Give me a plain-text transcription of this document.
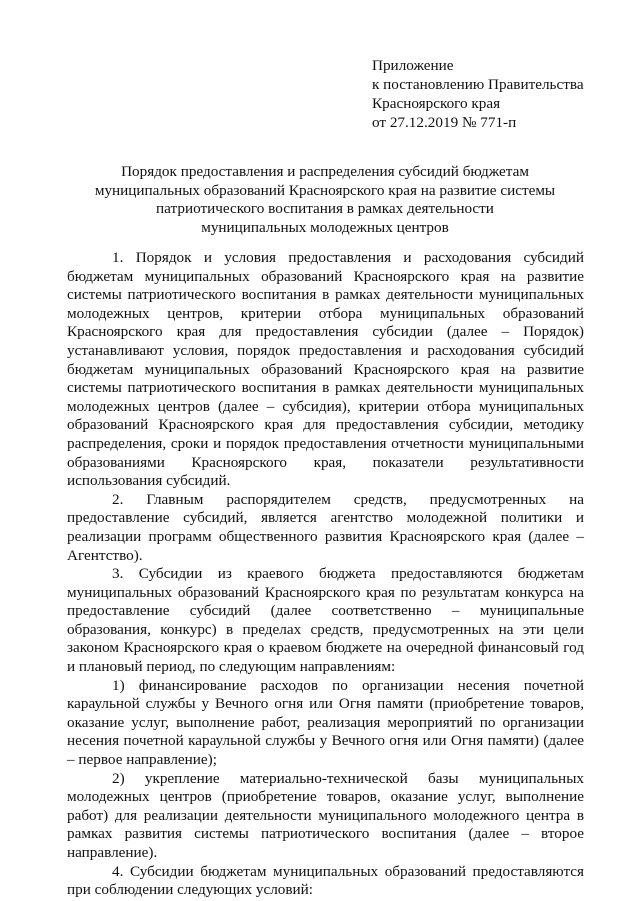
Приложение
к постановлению Правительства
Красноярского края
от 27.12.2019 № 771-п
Порядок предоставления и распределения субсидий бюджетам
муниципальных образований Красноярского края на развитие системы
патриотического воспитания в рамках деятельности
муниципальных молодежных центров

1. Порядок и условия предоставления и расходования субсидий бюджетам муниципальных образований Красноярского края на развитие системы патриотического воспитания в рамках деятельности муниципальных молодежных центров, критерии отбора муниципальных образований Красноярского края для предоставления субсидии (далее – Порядок) устанавливают условия, порядок предоставления и расходования субсидий бюджетам муниципальных образований Красноярского края на развитие системы патриотического воспитания в рамках деятельности муниципальных молодежных центров (далее – субсидия), критерии отбора муниципальных образований Красноярского края для предоставления субсидии, методику распределения, сроки и порядок предоставления отчетности муниципальными образованиями Красноярского края, показатели результативности использования субсидий.

2. Главным распорядителем средств, предусмотренных на предоставление субсидий, является агентство молодежной политики и реализации программ общественного развития Красноярского края (далее – Агентство).

3. Субсидии из краевого бюджета предоставляются бюджетам муниципальных образований Красноярского края по результатам конкурса на предоставление субсидий (далее соответственно – муниципальные образования, конкурс) в пределах средств, предусмотренных на эти цели законом Красноярского края о краевом бюджете на очередной финансовый год и плановый период, по следующим направлениям:

1) финансирование расходов по организации несения почетной караульной службы у Вечного огня или Огня памяти (приобретение товаров, оказание услуг, выполнение работ, реализация мероприятий по организации несения почетной караульной службы у Вечного огня или Огня памяти) (далее – первое направление);

2) укрепление материально-технической базы муниципальных молодежных центров (приобретение товаров, оказание услуг, выполнение работ) для реализации деятельности муниципального молодежного центра в рамках развития системы патриотического воспитания (далее – второе направление).

4. Субсидии бюджетам муниципальных образований предоставляются при соблюдении следующих условий:
